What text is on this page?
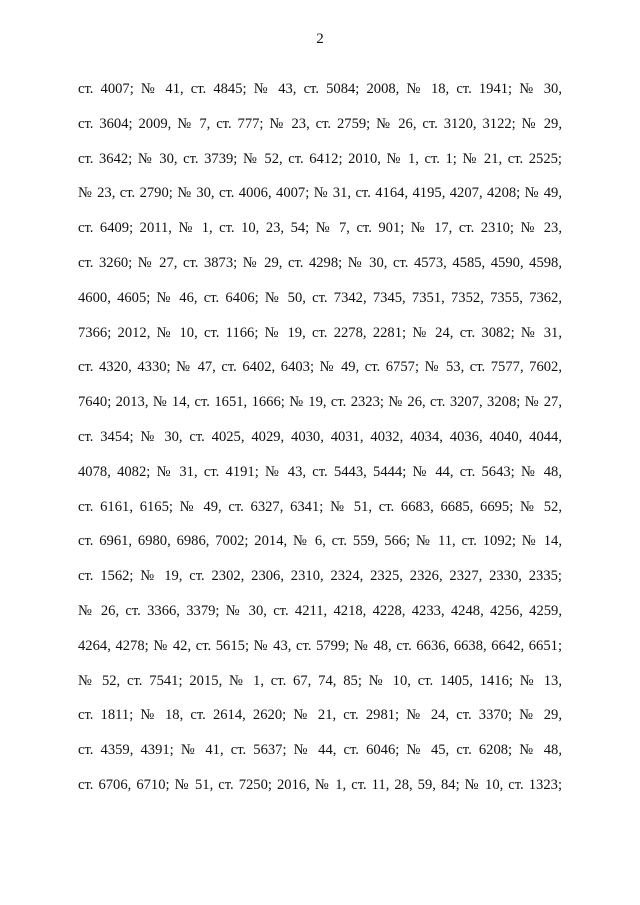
2
ст. 4007; № 41, ст. 4845; № 43, ст. 5084; 2008, № 18, ст. 1941; № 30,
ст. 3604; 2009, № 7, ст. 777; № 23, ст. 2759; № 26, ст. 3120, 3122; № 29,
ст. 3642; № 30, ст. 3739; № 52, ст. 6412; 2010, № 1, ст. 1; № 21, ст. 2525;
№ 23, ст. 2790; № 30, ст. 4006, 4007; № 31, ст. 4164, 4195, 4207, 4208; № 49,
ст. 6409; 2011, № 1, ст. 10, 23, 54; № 7, ст. 901; № 17, ст. 2310; № 23,
ст. 3260; № 27, ст. 3873; № 29, ст. 4298; № 30, ст. 4573, 4585, 4590, 4598,
4600, 4605; № 46, ст. 6406; № 50, ст. 7342, 7345, 7351, 7352, 7355, 7362,
7366; 2012, № 10, ст. 1166; № 19, ст. 2278, 2281; № 24, ст. 3082; № 31,
ст. 4320, 4330; № 47, ст. 6402, 6403; № 49, ст. 6757; № 53, ст. 7577, 7602,
7640; 2013, № 14, ст. 1651, 1666; № 19, ст. 2323; № 26, ст. 3207, 3208; № 27,
ст. 3454; № 30, ст. 4025, 4029, 4030, 4031, 4032, 4034, 4036, 4040, 4044,
4078, 4082; № 31, ст. 4191; № 43, ст. 5443, 5444; № 44, ст. 5643; № 48,
ст. 6161, 6165; № 49, ст. 6327, 6341; № 51, ст. 6683, 6685, 6695; № 52,
ст. 6961, 6980, 6986, 7002; 2014, № 6, ст. 559, 566; № 11, ст. 1092; № 14,
ст. 1562; № 19, ст. 2302, 2306, 2310, 2324, 2325, 2326, 2327, 2330, 2335;
№ 26, ст. 3366, 3379; № 30, ст. 4211, 4218, 4228, 4233, 4248, 4256, 4259,
4264, 4278; № 42, ст. 5615; № 43, ст. 5799; № 48, ст. 6636, 6638, 6642, 6651;
№ 52, ст. 7541; 2015, № 1, ст. 67, 74, 85; № 10, ст. 1405, 1416; № 13,
ст. 1811; № 18, ст. 2614, 2620; № 21, ст. 2981; № 24, ст. 3370; № 29,
ст. 4359, 4391; № 41, ст. 5637; № 44, ст. 6046; № 45, ст. 6208; № 48,
ст. 6706, 6710; № 51, ст. 7250; 2016, № 1, ст. 11, 28, 59, 84; № 10, ст. 1323;
